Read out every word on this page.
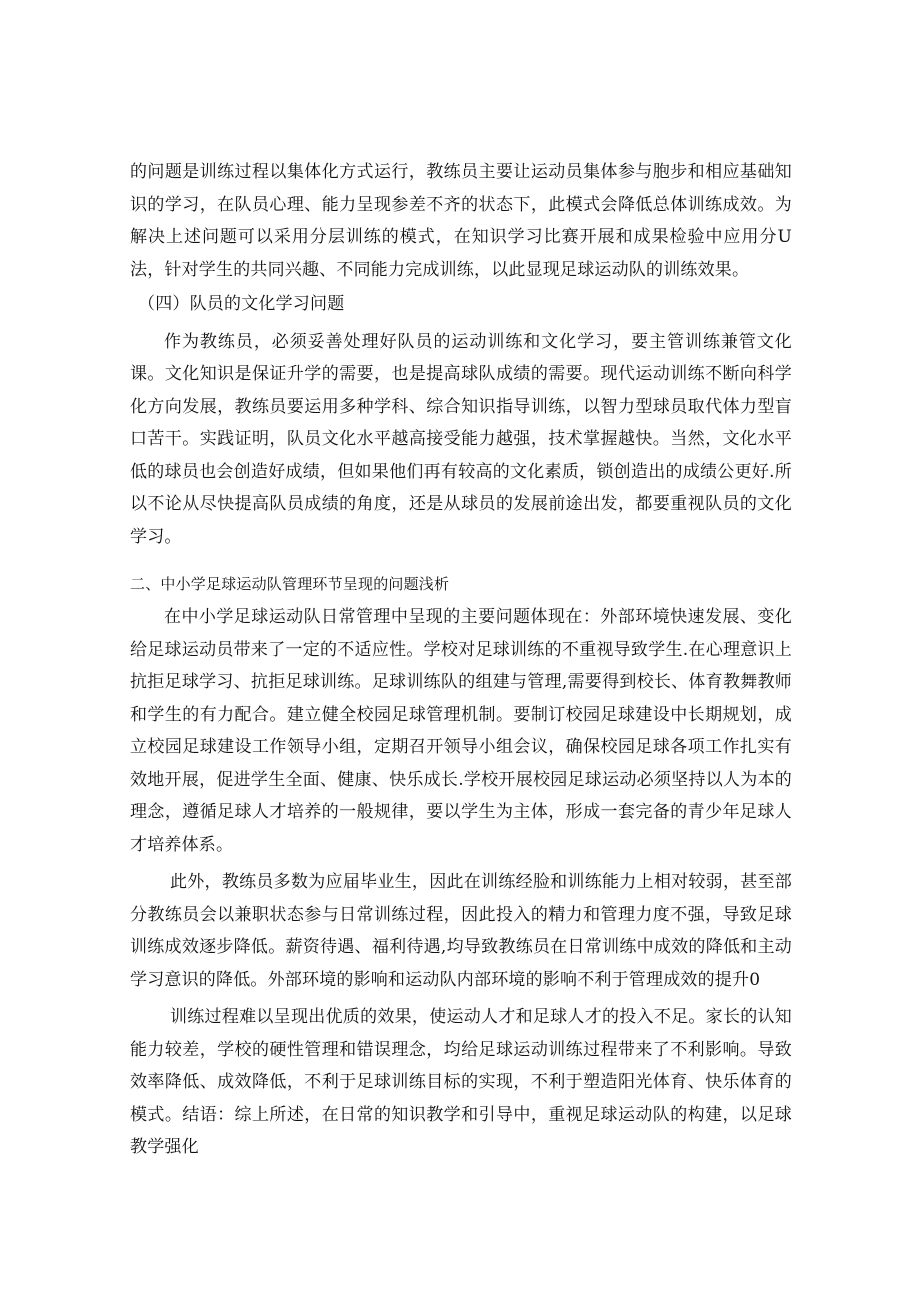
的问题是训练过程以集体化方式运行，教练员主要让运动员集体参与胞步和相应基础知识的学习，在队员心理、能力呈现参差不齐的状态下，此模式会降低总体训练成效。为解决上述问题可以采用分层训练的模式，在知识学习比赛开展和成果检验中应用分U法，针对学生的共同兴趣、不同能力完成训练，以此显现足球运动队的训练效果。

（四）队员的文化学习问题

作为教练员，必须妥善处理好队员的运动训练和文化学习，要主管训练兼管文化课。文化知识是保证升学的需要，也是提高球队成绩的需要。现代运动训练不断向科学化方向发展，教练员要运用多种学科、综合知识指导训练，以智力型球员取代体力型盲口苦干。实践证明，队员文化水平越高接受能力越强，技术掌握越快。当然，文化水平低的球员也会创造好成绩，但如果他们再有较高的文化素质，锁创造出的成绩公更好.所以不论从尽快提高队员成绩的角度，还是从球员的发展前途出发，都要重视队员的文化学习。

二、中小学足球运动队管理环节呈现的问题浅析

在中小学足球运动队日常管理中呈现的主要问题体现在：外部环境快速发展、变化给足球运动员带来了一定的不适应性。学校对足球训练的不重视导致学生.在心理意识上抗拒足球学习、抗拒足球训练。足球训练队的组建与管理,需要得到校长、体育教舞教师和学生的有力配合。建立健全校园足球管理机制。要制订校园足球建设中长期规划，成立校园足球建设工作领导小组，定期召开领导小组会议，确保校园足球各项工作扎实有效地开展，促进学生全面、健康、快乐成长.学校开展校园足球运动必须坚持以人为本的理念，遵循足球人才培养的一般规律，要以学生为主体，形成一套完备的青少年足球人才培养体系。

此外，教练员多数为应届毕业生，因此在训练经脸和训练能力上相对较弱，甚至部分教练员会以兼职状态参与日常训练过程，因此投入的精力和管理力度不强，导致足球训练成效逐步降低。薪资待遇、福利待遇,均导致教练员在日常训练中成效的降低和主动学习意识的降低。外部环境的影响和运动队内部环境的影响不利于管理成效的提升0

训练过程难以呈现出优质的效果，使运动人才和足球人才的投入不足。家长的认知能力较差，学校的硬性管理和错误理念，均给足球运动训练过程带来了不利影响。导致效率降低、成效降低，不利于足球训练目标的实现，不利于塑造阳光体育、快乐体育的模式。结语：综上所述，在日常的知识教学和引导中，重视足球运动队的构建，以足球教学强化
